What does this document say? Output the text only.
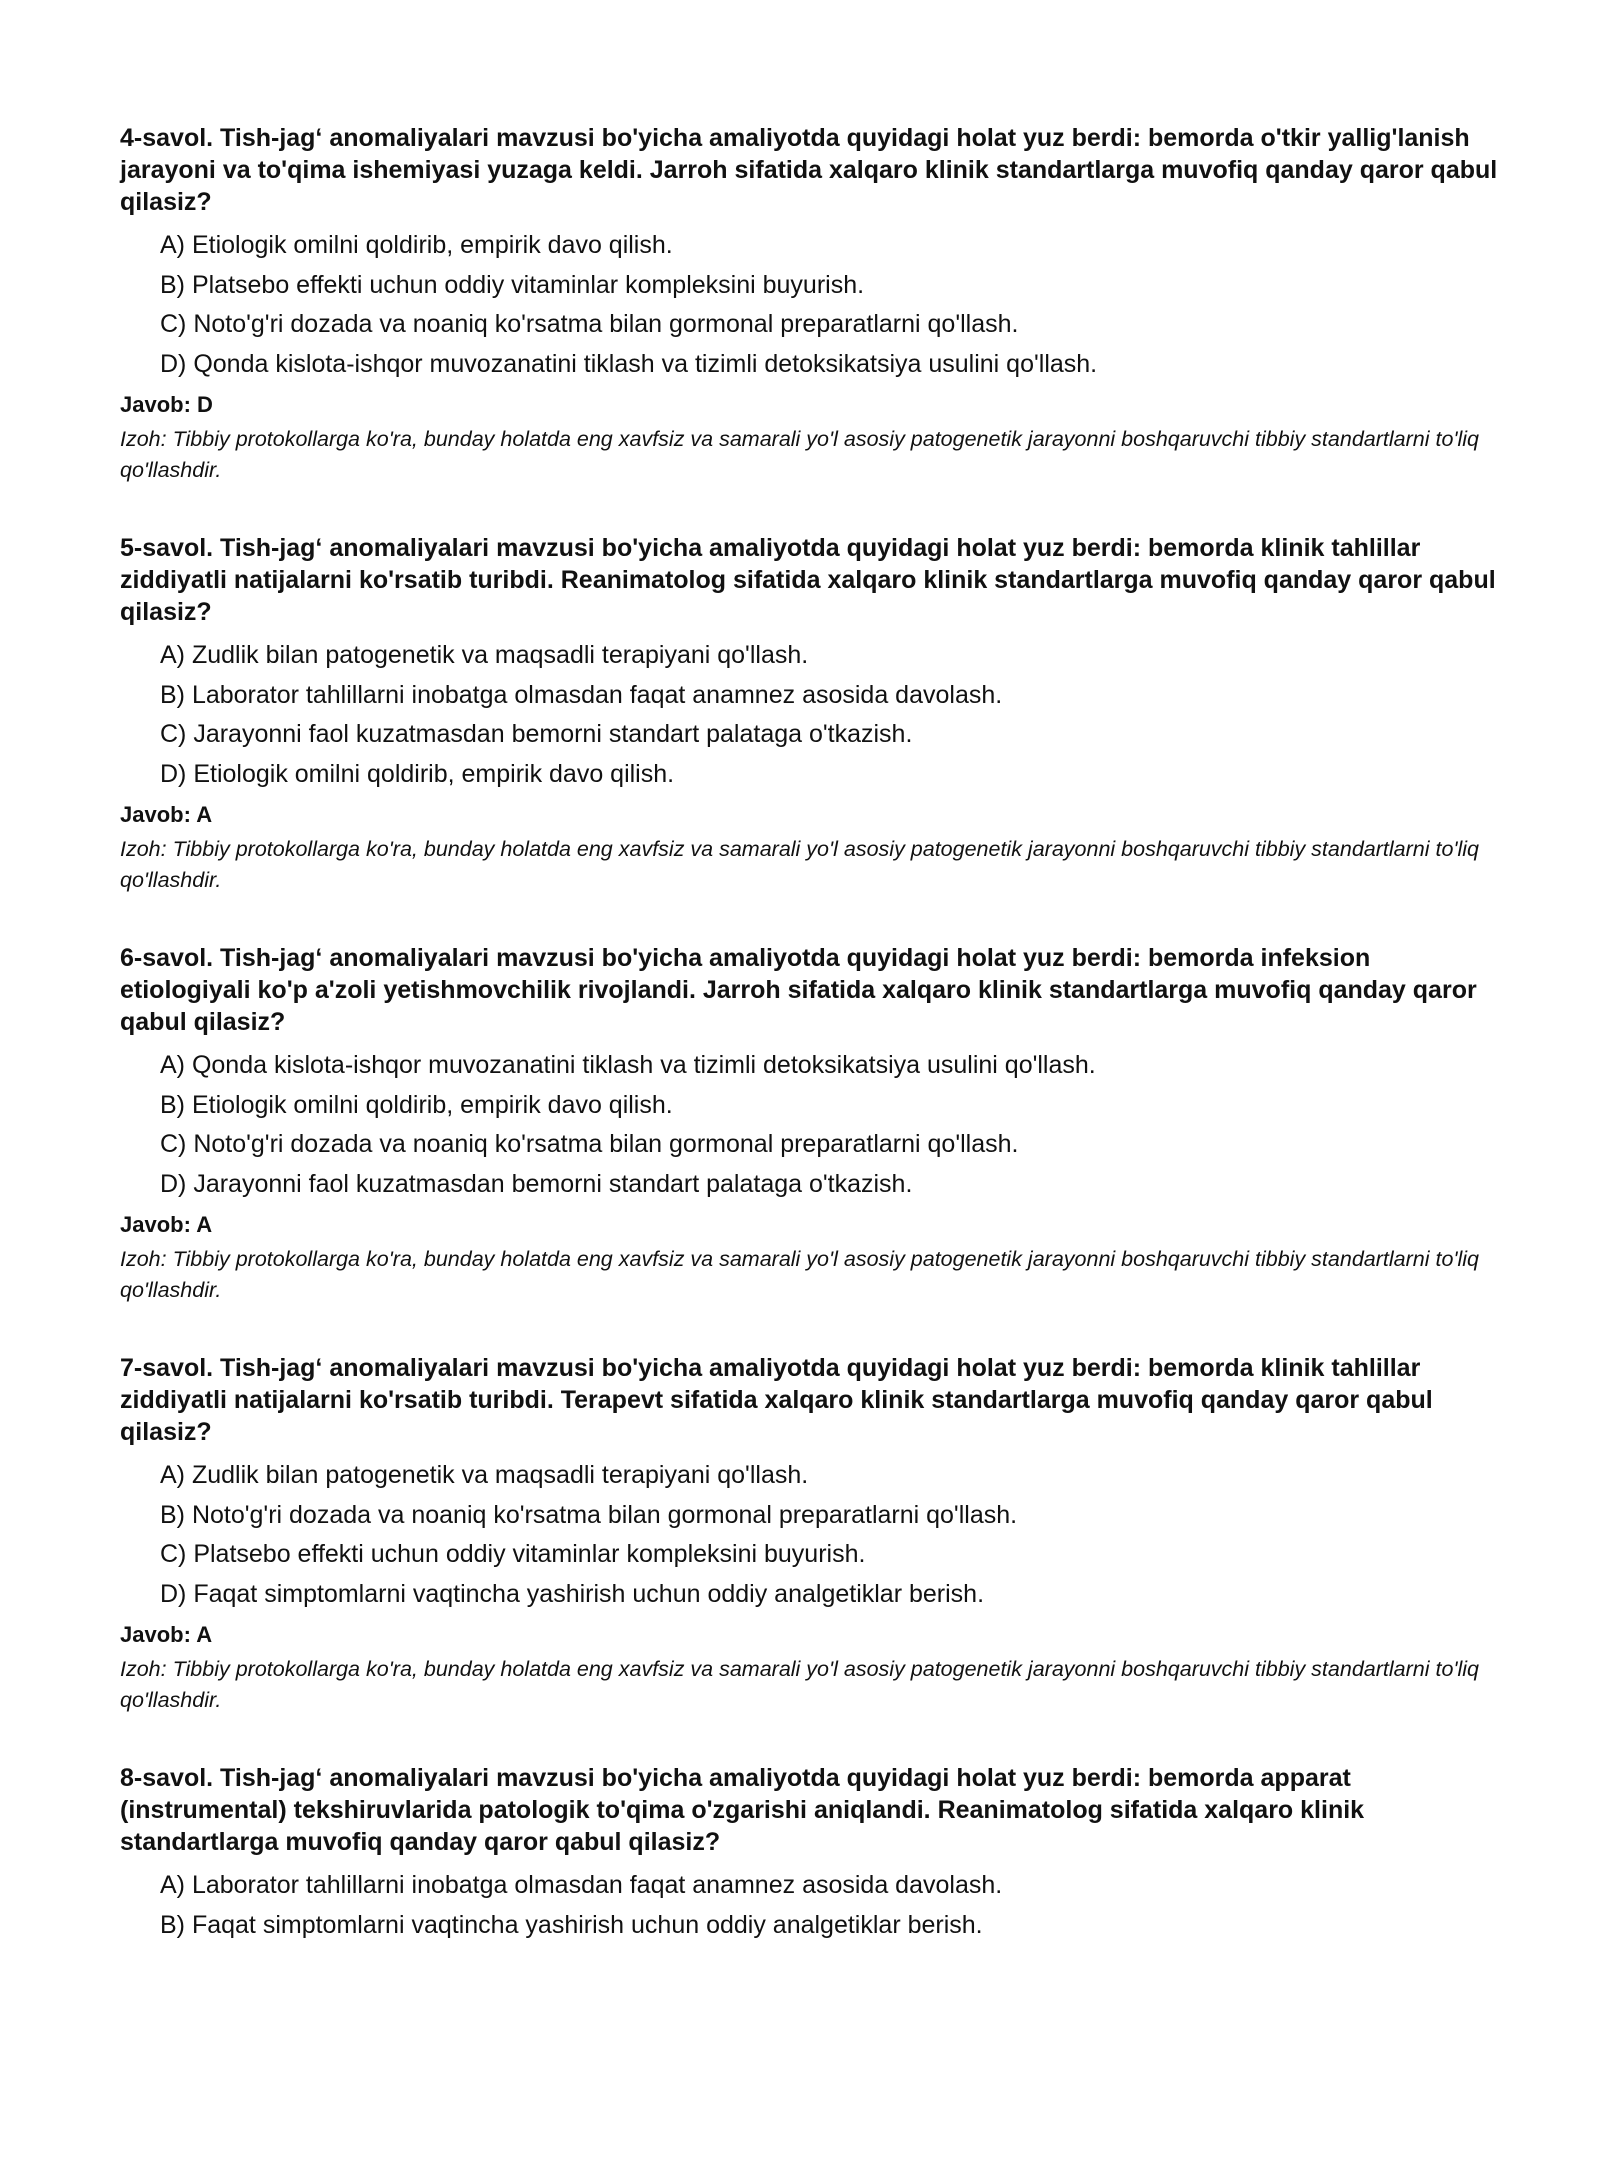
4-savol. Tish-jag‘ anomaliyalari mavzusi bo'yicha amaliyotda quyidagi holat yuz berdi: bemorda o'tkir yallig'lanish jarayoni va to'qima ishemiyasi yuzaga keldi. Jarroh sifatida xalqaro klinik standartlarga muvofiq qanday qaror qabul qilasiz?

A) Etiologik omilni qoldirib, empirik davo qilish.
B) Platsebo effekti uchun oddiy vitaminlar kompleksini buyurish.
C) Noto'g'ri dozada va noaniq ko'rsatma bilan gormonal preparatlarni qo'llash.
D) Qonda kislota-ishqor muvozanatini tiklash va tizimli detoksikatsiya usulini qo'llash.

Javob: D

Izoh: Tibbiy protokollarga ko'ra, bunday holatda eng xavfsiz va samarali yo'l asosiy patogenetik jarayonni boshqaruvchi tibbiy standartlarni to'liq qo'llashdir.

5-savol. Tish-jag‘ anomaliyalari mavzusi bo'yicha amaliyotda quyidagi holat yuz berdi: bemorda klinik tahlillar ziddiyatli natijalarni ko'rsatib turibdi. Reanimatolog sifatida xalqaro klinik standartlarga muvofiq qanday qaror qabul qilasiz?

A) Zudlik bilan patogenetik va maqsadli terapiyani qo'llash.
B) Laborator tahlillarni inobatga olmasdan faqat anamnez asosida davolash.
C) Jarayonni faol kuzatmasdan bemorni standart palataga o'tkazish.
D) Etiologik omilni qoldirib, empirik davo qilish.

Javob: A

Izoh: Tibbiy protokollarga ko'ra, bunday holatda eng xavfsiz va samarali yo'l asosiy patogenetik jarayonni boshqaruvchi tibbiy standartlarni to'liq qo'llashdir.

6-savol. Tish-jag‘ anomaliyalari mavzusi bo'yicha amaliyotda quyidagi holat yuz berdi: bemorda infeksion etiologiyali ko'p a'zoli yetishmovchilik rivojlandi. Jarroh sifatida xalqaro klinik standartlarga muvofiq qanday qaror qabul qilasiz?

A) Qonda kislota-ishqor muvozanatini tiklash va tizimli detoksikatsiya usulini qo'llash.
B) Etiologik omilni qoldirib, empirik davo qilish.
C) Noto'g'ri dozada va noaniq ko'rsatma bilan gormonal preparatlarni qo'llash.
D) Jarayonni faol kuzatmasdan bemorni standart palataga o'tkazish.

Javob: A

Izoh: Tibbiy protokollarga ko'ra, bunday holatda eng xavfsiz va samarali yo'l asosiy patogenetik jarayonni boshqaruvchi tibbiy standartlarni to'liq qo'llashdir.

7-savol. Tish-jag‘ anomaliyalari mavzusi bo'yicha amaliyotda quyidagi holat yuz berdi: bemorda klinik tahlillar ziddiyatli natijalarni ko'rsatib turibdi. Terapevt sifatida xalqaro klinik standartlarga muvofiq qanday qaror qabul qilasiz?

A) Zudlik bilan patogenetik va maqsadli terapiyani qo'llash.
B) Noto'g'ri dozada va noaniq ko'rsatma bilan gormonal preparatlarni qo'llash.
C) Platsebo effekti uchun oddiy vitaminlar kompleksini buyurish.
D) Faqat simptomlarni vaqtincha yashirish uchun oddiy analgetiklar berish.

Javob: A

Izoh: Tibbiy protokollarga ko'ra, bunday holatda eng xavfsiz va samarali yo'l asosiy patogenetik jarayonni boshqaruvchi tibbiy standartlarni to'liq qo'llashdir.

8-savol. Tish-jag‘ anomaliyalari mavzusi bo'yicha amaliyotda quyidagi holat yuz berdi: bemorda apparat (instrumental) tekshiruvlarida patologik to'qima o'zgarishi aniqlandi. Reanimatolog sifatida xalqaro klinik standartlarga muvofiq qanday qaror qabul qilasiz?

A) Laborator tahlillarni inobatga olmasdan faqat anamnez asosida davolash.
B) Faqat simptomlarni vaqtincha yashirish uchun oddiy analgetiklar berish.
